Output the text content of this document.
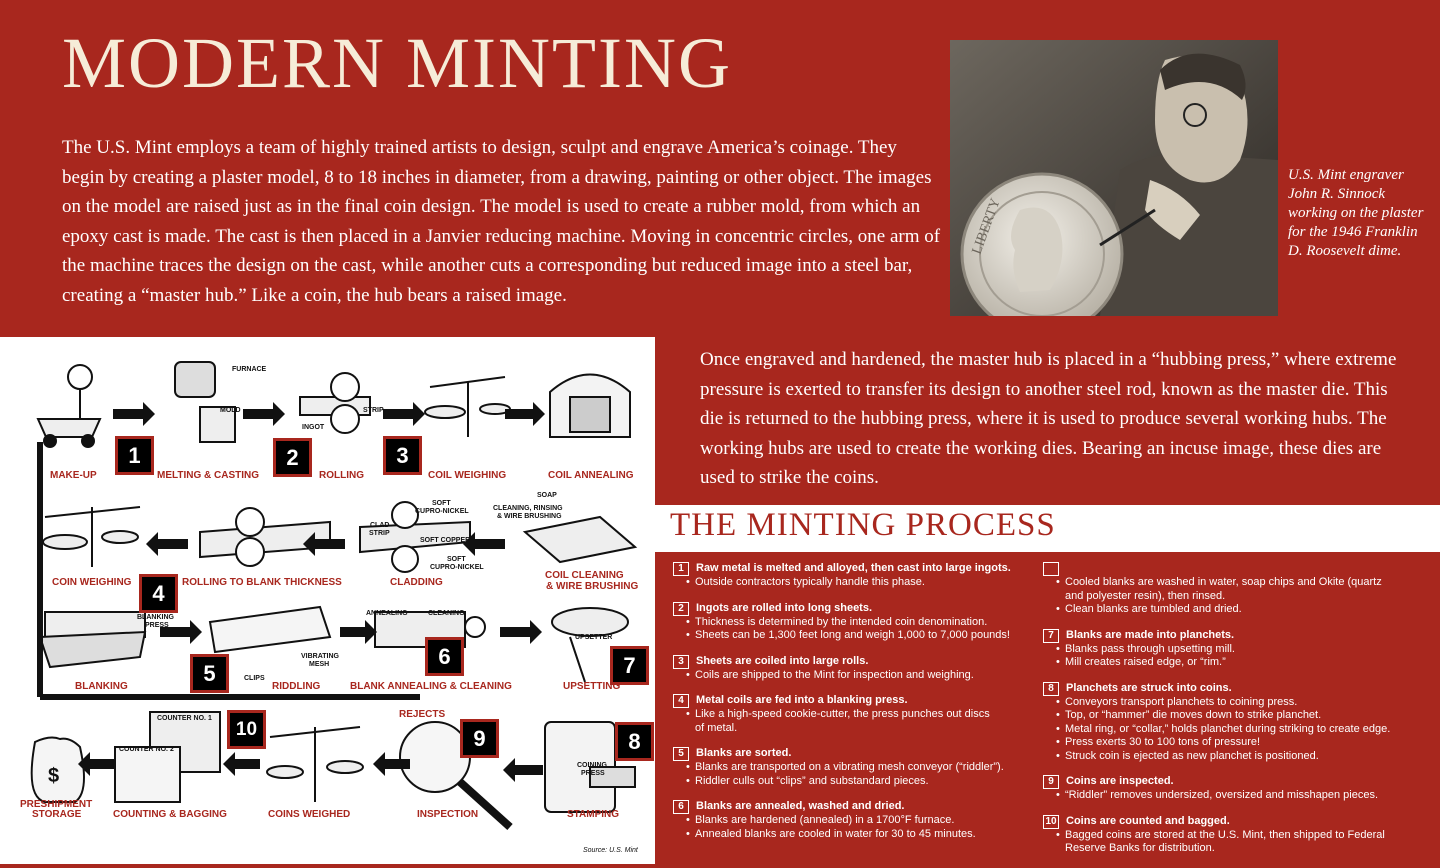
MODERN MINTING

The U.S. Mint employs a team of highly trained artists to design, sculpt and engrave America’s coinage. They begin by creating a plaster model, 8 to 18 inches in diameter, from a drawing, painting or other object. The images on the model are raised just as in the final coin design. The model is used to create a rubber mold, from which an epoxy cast is made. The cast is then placed in a Janvier reducing machine. Moving in concentric circles, one arm of the machine traces the design on the cast, while another cuts a corresponding but reduced image into a steel bar, creating a “master hub.” Like a coin, the hub bears a raised image.

LIBERTY
U.S. Mint engraver John R. Sinnock working on the plaster for the 1946 Franklin D. Roosevelt dime.
$
1	2	3
4
5
6	7
8
9
10
MAKE-UP	MELTING & CASTING	ROLLING	COIL WEIGHING	COIL ANNEALING
COIN WEIGHING	ROLLING TO BLANK THICKNESS	CLADDING
COIL CLEANING
& WIRE BRUSHING
BLANKING	RIDDLING	BLANK ANNEALING & CLEANING	UPSETTING
PRESHIPMENT
STORAGE	COUNTING & BAGGING	COINS WEIGHED	INSPECTION	STAMPING
FURNACE
MOLD
INGOT
STRIP
SOAP
CLEANING, RINSING
& WIRE BRUSHING
SOFT
CUPRO-NICKEL
CLAD
STRIP
SOFT COPPER
SOFT
CUPRO-NICKEL
BLANKING
PRESS
VIBRATING
MESH
ANNEALING	CLEANING
UPSETTER
CLIPS
COUNTER NO. 1
COUNTER NO. 2
REJECTS
COINING
PRESS
Source: U.S. Mint

Once engraved and hardened, the master hub is placed in a “hubbing press,” where extreme pressure is exerted to transfer its design to another steel rod, known as the master die. This die is returned to the hubbing press, where it is used to produce several working hubs. The working hubs are used to create the working dies. Bearing an incuse image, these dies are used to strike the coins.

THE MINTING PROCESS
1	Raw metal is melted and alloyed, then cast into large ingots.
• Outside contractors typically handle this phase.
2	Ingots are rolled into long sheets.
• Thickness is determined by the intended coin denomination.
• Sheets can be 1,300 feet long and weigh 1,000 to 7,000 pounds!
3	Sheets are coiled into large rolls.
• Coils are shipped to the Mint for inspection and weighing.
4	Metal coils are fed into a blanking press.
• Like a high-speed cookie-cutter, the press punches out discs
of metal.
5	Blanks are sorted.
• Blanks are transported on a vibrating mesh conveyor (“riddler”).
• Riddler culls out “clips” and substandard pieces.
6	Blanks are annealed, washed and dried.
• Blanks are hardened (annealed) in a 1700°F furnace.
• Annealed blanks are cooled in water for 30 to 45 minutes.
• Cooled blanks are washed in water, soap chips and Okite (quartz
and polyester resin), then rinsed.
• Clean blanks are tumbled and dried.
7	Blanks are made into planchets.
• Blanks pass through upsetting mill.
• Mill creates raised edge, or “rim.”
8	Planchets are struck into coins.
• Conveyors transport planchets to coining press.
• Top, or “hammer” die moves down to strike planchet.
• Metal ring, or “collar,” holds planchet during striking to create edge.
• Press exerts 30 to 100 tons of pressure!
• Struck coin is ejected as new planchet is positioned.
9	Coins are inspected.
• “Riddler” removes undersized, oversized and misshapen pieces.
10 Coins are counted and bagged.
• Bagged coins are stored at the U.S. Mint, then shipped to Federal
Reserve Banks for distribution.
